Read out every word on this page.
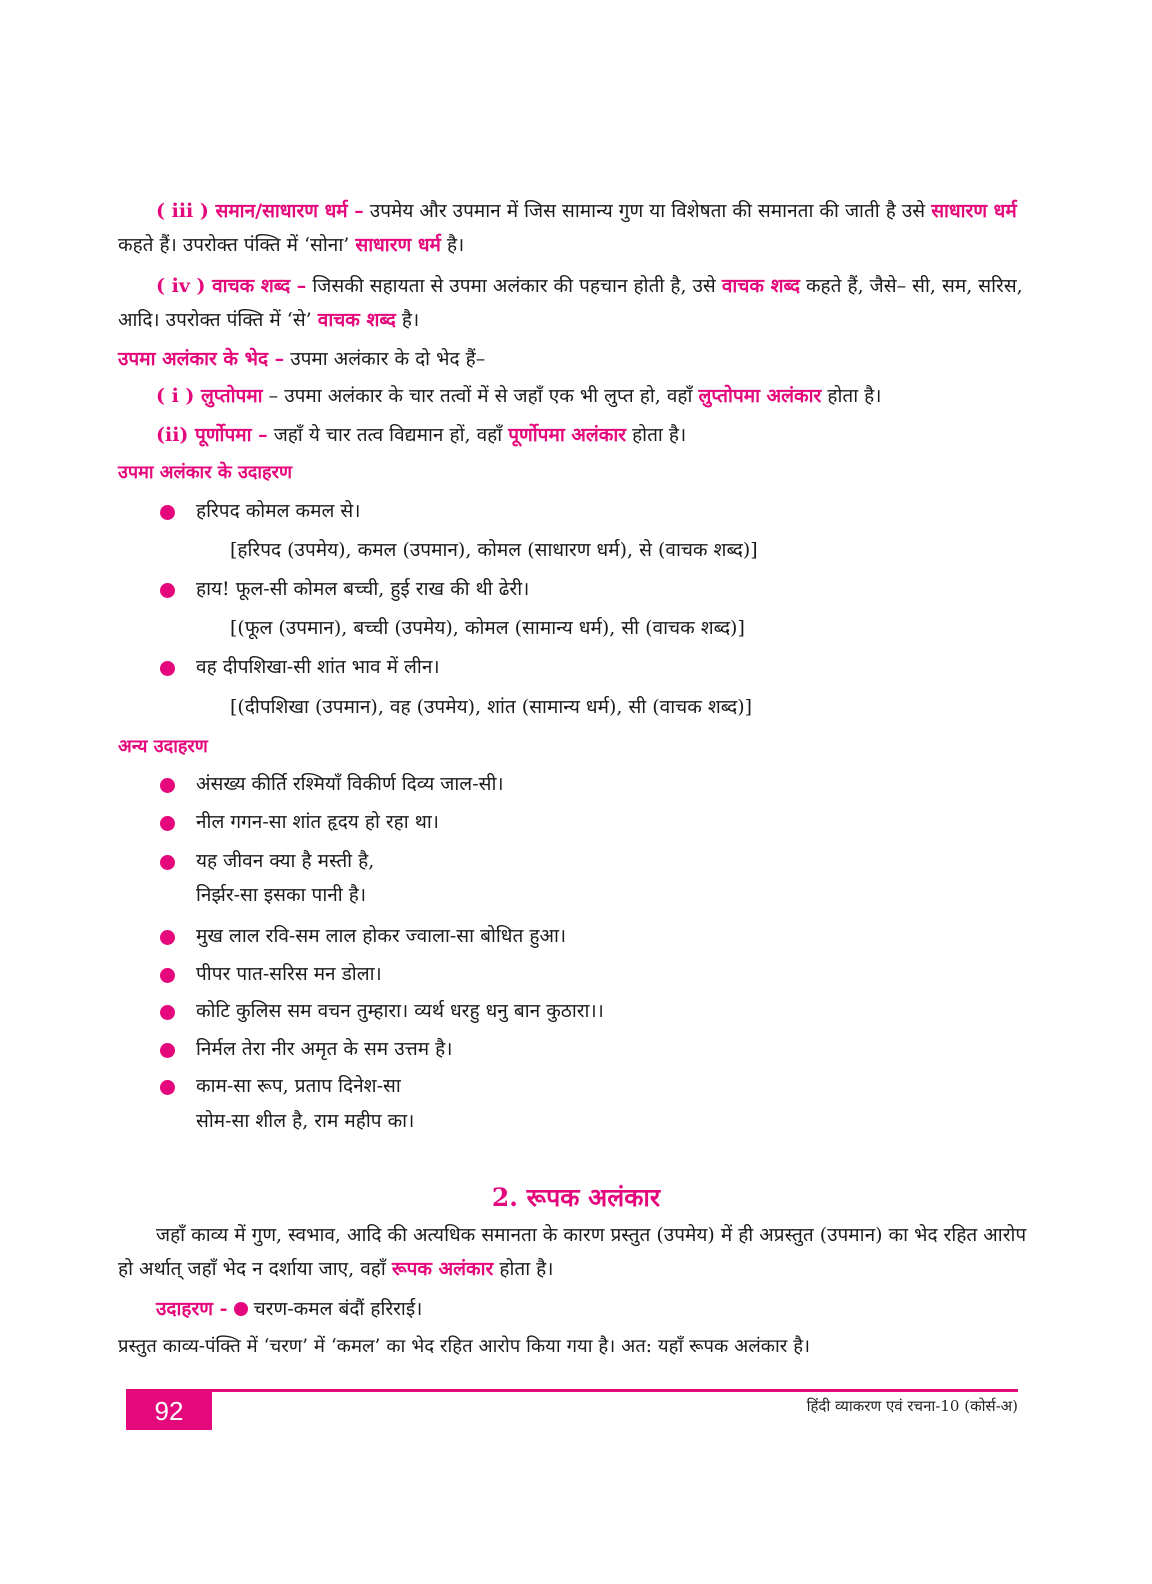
( iii ) समान/साधारण धर्म – उपमेय और उपमान में जिस सामान्य गुण या विशेषता की समानता की जाती है उसे साधारण धर्म कहते हैं। उपरोक्त पंक्ति में ‘सोना’ साधारण धर्म है।
( iv ) वाचक शब्द – जिसकी सहायता से उपमा अलंकार की पहचान होती है, उसे वाचक शब्द कहते हैं, जैसे– सी, सम, सरिस, आदि। उपरोक्त पंक्ति में ‘से’ वाचक शब्द है।
उपमा अलंकार के भेद – उपमा अलंकार के दो भेद हैं–
( i ) लुप्तोपमा – उपमा अलंकार के चार तत्वों में से जहाँ एक भी लुप्त हो, वहाँ लुप्तोपमा अलंकार होता है।
(ii) पूर्णोपमा – जहाँ ये चार तत्व विद्यमान हों, वहाँ पूर्णोपमा अलंकार होता है।
उपमा अलंकार के उदाहरण
हरिपद कोमल कमल से।
[हरिपद (उपमेय), कमल (उपमान), कोमल (साधारण धर्म), से (वाचक शब्द)]
हाय! फूल-सी कोमल बच्ची, हुई राख की थी ढेरी।
[(फूल (उपमान), बच्ची (उपमेय), कोमल (सामान्य धर्म), सी (वाचक शब्द)]
वह दीपशिखा-सी शांत भाव में लीन।
[(दीपशिखा (उपमान), वह (उपमेय), शांत (सामान्य धर्म), सी (वाचक शब्द)]
अन्य उदाहरण
अंसख्य कीर्ति रश्मियाँ विकीर्ण दिव्य जाल-सी।
नील गगन-सा शांत हृदय हो रहा था।
यह जीवन क्या है मस्ती है,
निर्झर-सा इसका पानी है।
मुख लाल रवि-सम लाल होकर ज्वाला-सा बोधित हुआ।
पीपर पात-सरिस मन डोला।
कोटि कुलिस सम वचन तुम्हारा। व्यर्थ धरहु धनु बान कुठारा।।
निर्मल तेरा नीर अमृत के सम उत्तम है।
काम-सा रूप, प्रताप दिनेश-सा
सोम-सा शील है, राम महीप का।
2. रूपक अलंकार
जहाँ काव्य में गुण, स्वभाव, आदि की अत्यधिक समानता के कारण प्रस्तुत (उपमेय) में ही अप्रस्तुत (उपमान) का भेद रहित आरोप हो अर्थात् जहाँ भेद न दर्शाया जाए, वहाँ रूपक अलंकार होता है।
उदाहरण -  चरण-कमल बंदौं हरिराई।
प्रस्तुत काव्य-पंक्ति में ‘चरण’ में ‘कमल’ का भेद रहित आरोप किया गया है। अत: यहाँ रूपक अलंकार है।
92	हिंदी व्याकरण एवं रचना-10 (कोर्स-अ)
